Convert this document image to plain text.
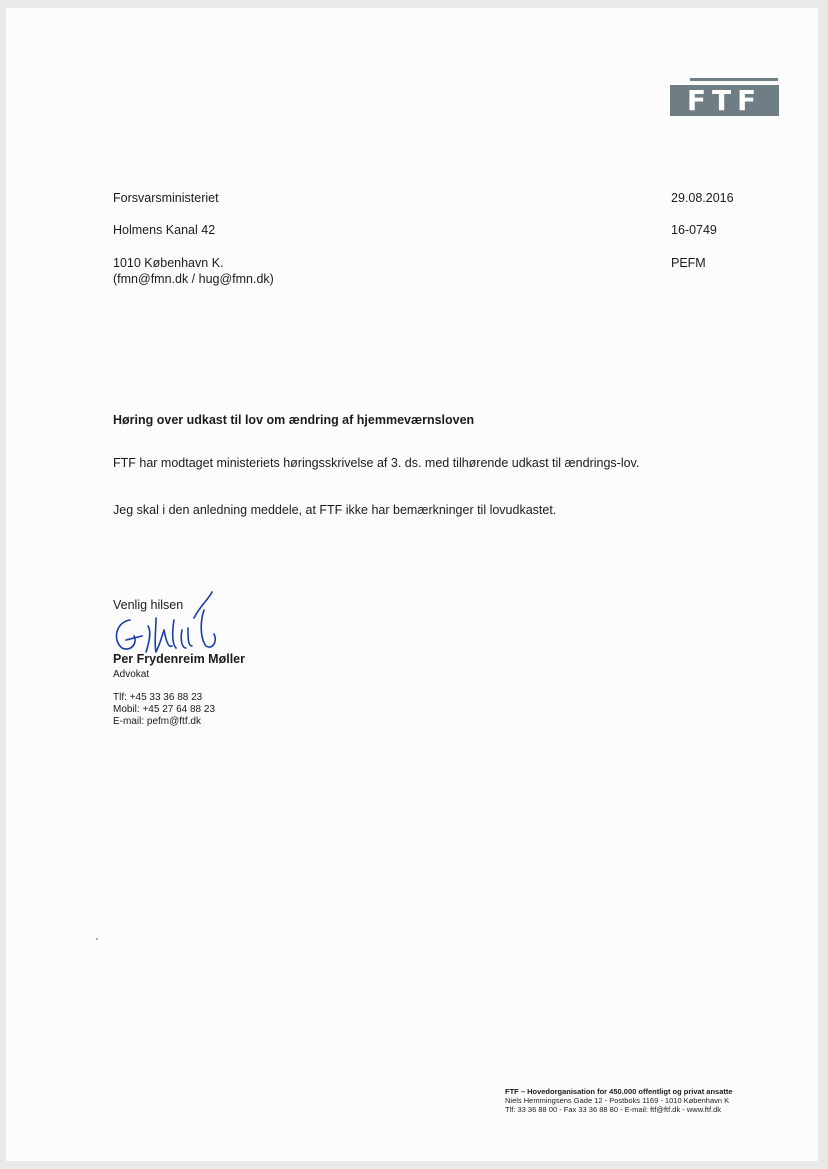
FTF
Forsvarsministeriet
Holmens Kanal 42
1010 København K.
(fmn@fmn.dk / hug@fmn.dk)
29.08.2016
16-0749
PEFM
Høring over udkast til lov om ændring af hjemmeværnsloven
FTF har modtaget ministeriets høringsskrivelse af 3. ds. med tilhørende udkast til ændrings-lov.
Jeg skal i den anledning meddele, at FTF ikke har bemærkninger til lovudkastet.
Venlig hilsen
Per Frydenreim Møller
Advokat
Tlf: +45 33 36 88 23
Mobil: +45 27 64 88 23
E-mail: pefm@ftf.dk
FTF – Hovedorganisation for 450.000 offentligt og privat ansatte
Niels Hemmingsens Gade 12 - Postboks 1169 - 1010 København K
Tlf: 33 36 88 00 - Fax 33 36 88 80 - E-mail: ftf@ftf.dk - www.ftf.dk
